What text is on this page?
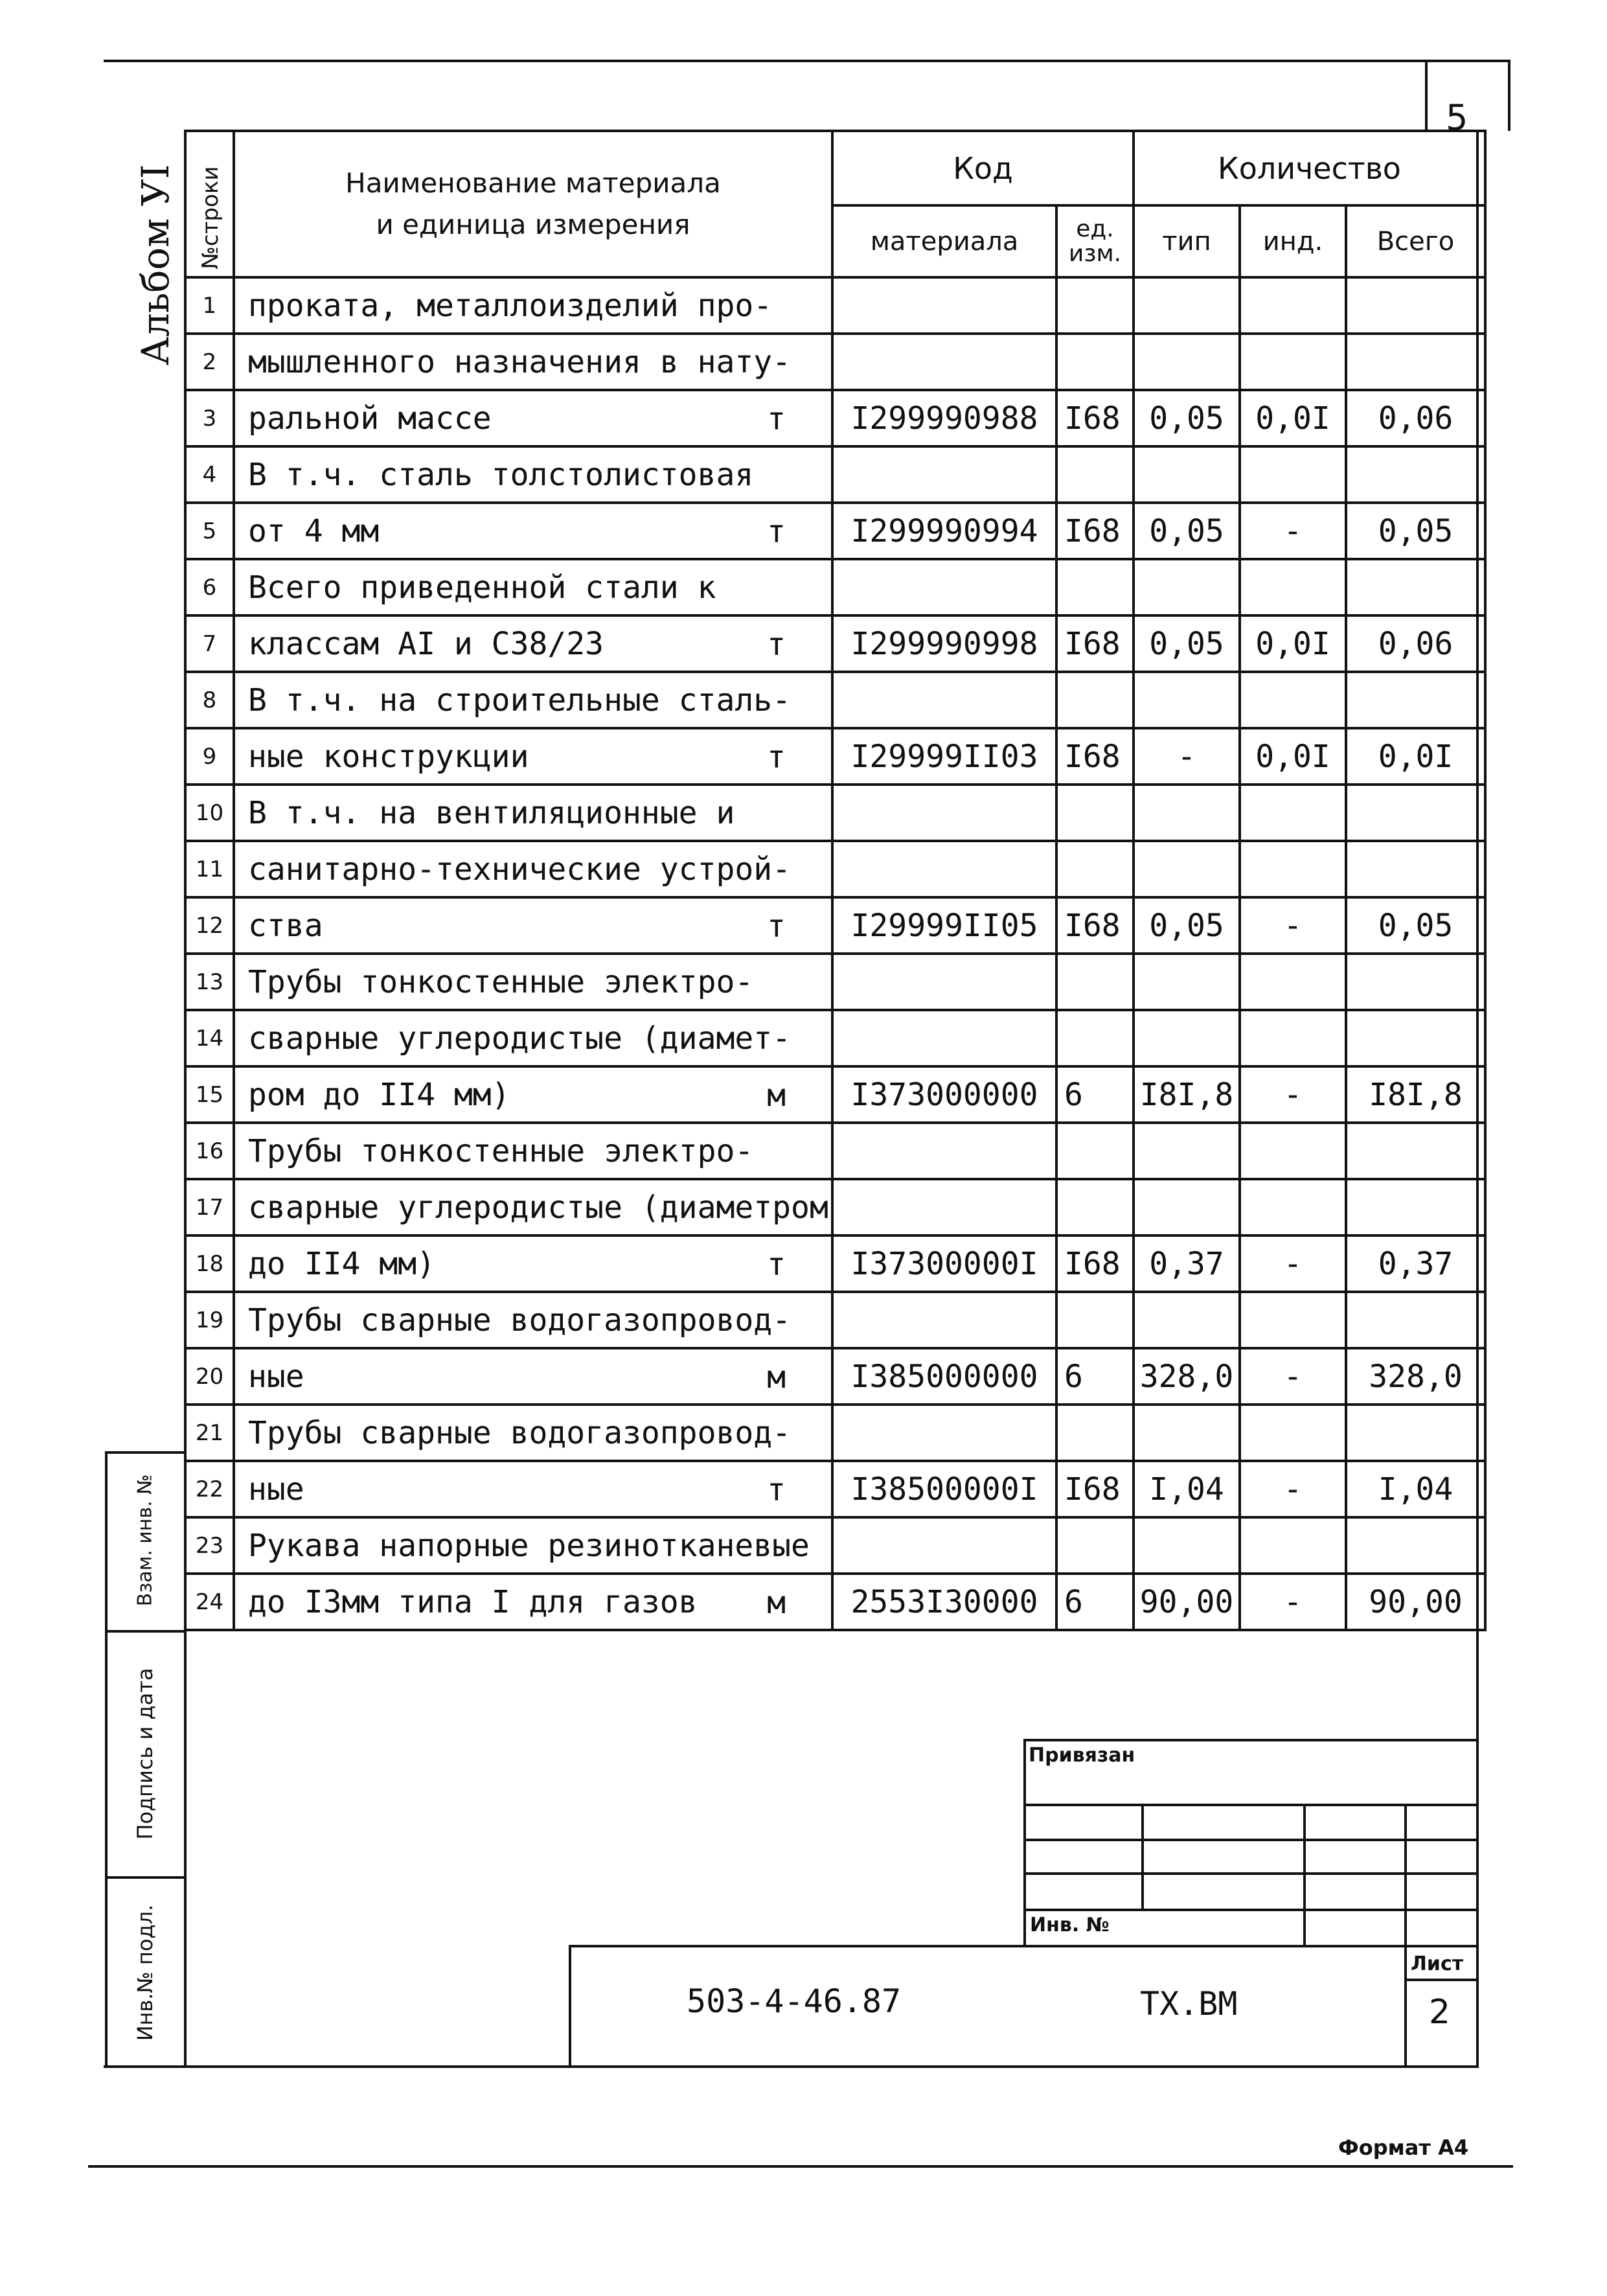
5
Альбом УI №строки	Наименование материала
и единица измерения	Код		Количество		
		материала	ед.
изм.	тип	инд.	Всего
1	проката, металлоизделий про-

2	мышленного назначения в нату-

3	ральной массе т	I299990988	I68	0,05	0,0I	0,06
4	В т.ч. сталь толстолистовая

5	от 4 мм т	I299990994	I68	0,05	-	0,05
6	Всего приведенной стали к

7	классам AI и С38/23 т	I299990998	I68	0,05	0,0I	0,06
8	В т.ч. на строительные сталь-

9	ные конструкции т	I29999II03	I68	-	0,0I	0,0I
10	В т.ч. на вентиляционные и

11	санитарно-технические устрой-

12	ства т	I29999II05	I68	0,05	-	0,05
13	Трубы тонкостенные электро-

14	сварные углеродистые (диамет-

15	ром до II4 мм) м	I373000000	6	I8I,8	-	I8I,8
16	Трубы тонкостенные электро-

17	сварные углеродистые (диаметром

18	до II4 мм) т	I37300000I	I68	0,37	-	0,37
19	Трубы сварные водогазопровод-

20	ные м	I385000000	6	328,0	-	328,0
21	Трубы сварные водогазопровод-

22	ные т	I38500000I	I68	I,04	-	I,04
23	Рукава напорные резинотканевые

24	до I3мм типа I для газов м	2553I30000	6	90,00	-	90,00
Взам. инв. №
Подпись и дата
Инв.№ подл.
Привязан
Инв. №
503-4-46.87	ТХ.ВМ
Лист
2
Формат А4
